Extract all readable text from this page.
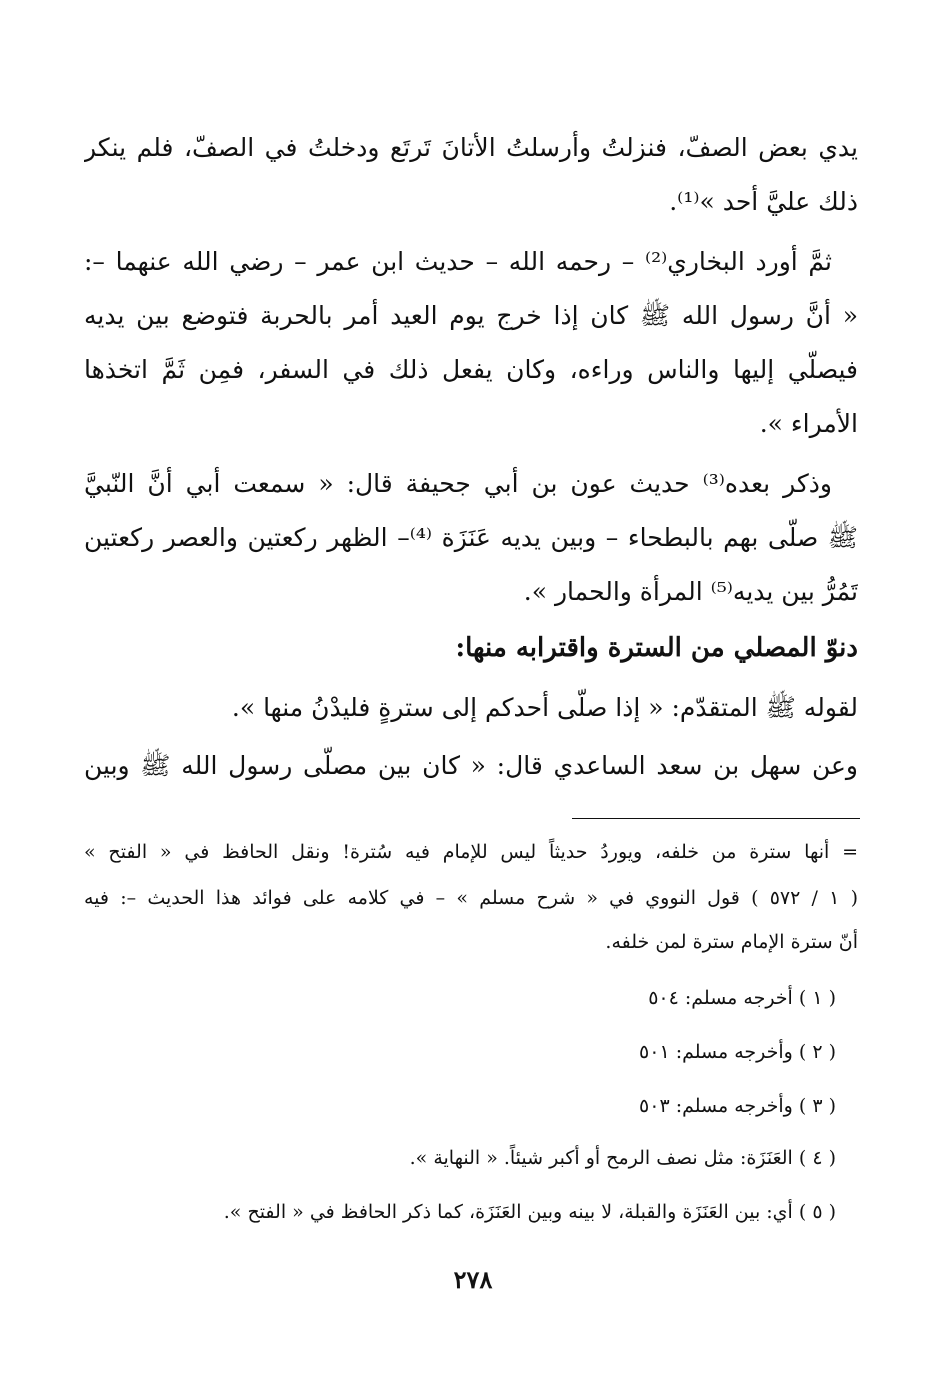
يدي بعض الصفّ، فنزلتُ وأرسلتُ الأتانَ تَرتَع ودخلتُ في الصفّ، فلم ينكر
ذلك عليَّ أحد »⁽¹⁾.
ثمَّ أورد البخاري⁽²⁾ – رحمه الله – حديث ابن عمر – رضي الله عنهما –:
« أنَّ رسول الله ﷺ كان إذا خرج يوم العيد أمر بالحربة فتوضع بين يديه
فيصلّي إليها والناس وراءه، وكان يفعل ذلك في السفر، فمِن ثَمَّ اتخذها
الأمراء ».
وذكر بعده⁽³⁾ حديث عون بن أبي جحيفة قال: « سمعت أبي أنَّ النّبيَّ
ﷺ صلّى بهم بالبطحاء – وبين يديه عَنَزَة ⁽⁴⁾– الظهر ركعتين والعصر ركعتين
تَمُرُّ بين يديه⁽⁵⁾ المرأة والحمار ».
دنوّ المصلي من السترة واقترابه منها:
لقوله ﷺ المتقدّم: « إذا صلّى أحدكم إلى سترةٍ فليدْنُ منها ».
وعن سهل بن سعد الساعدي قال: « كان بين مصلّى رسول الله ﷺ وبين
= أنها سترة من خلفه، ويوردُ حديثاً ليس للإمام فيه سُترة! ونقل الحافظ في « الفتح »
( ١ / ٥٧٢ ) قول النووي في « شرح مسلم » – في كلامه على فوائد هذا الحديث –: فيه
أنّ سترة الإمام سترة لمن خلفه.
( ١ ) أخرجه مسلم: ٥٠٤
( ٢ ) وأخرجه مسلم: ٥٠١
( ٣ ) وأخرجه مسلم: ٥٠٣
( ٤ ) العَنَزَة: مثل نصف الرمح أو أكبر شيئاً. « النهاية ».
( ٥ ) أي: بين العَنَزَة والقبلة، لا بينه وبين العَنَزَة، كما ذكر الحافظ في « الفتح ».
٢٧٨
